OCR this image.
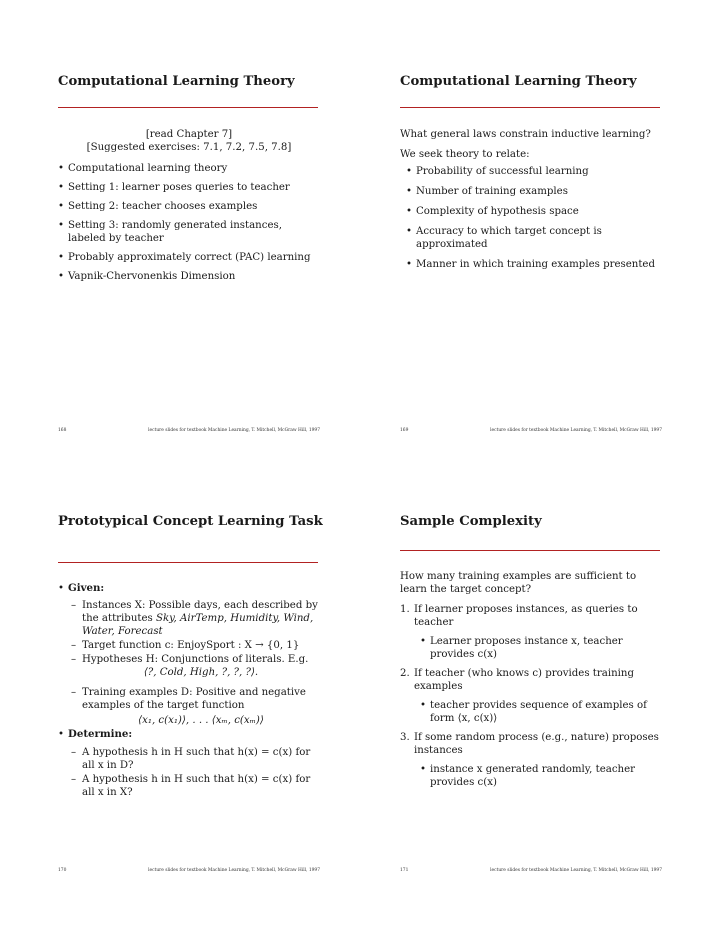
Computational Learning Theory
[read Chapter 7]
[Suggested exercises: 7.1, 7.2, 7.5, 7.8]
• Computational learning theory
• Setting 1: learner poses queries to teacher
• Setting 2: teacher chooses examples
• Setting 3: randomly generated instances, labeled by teacher
• Probably approximately correct (PAC) learning
• Vapnik-Chervonenkis Dimension
168	lecture slides for textbook Machine Learning, T. Mitchell, McGraw Hill, 1997
Computational Learning Theory
What general laws constrain inductive learning?
We seek theory to relate:
• Probability of successful learning
• Number of training examples
• Complexity of hypothesis space
• Accuracy to which target concept is approximated
• Manner in which training examples presented
169	lecture slides for textbook Machine Learning, T. Mitchell, McGraw Hill, 1997
Prototypical Concept Learning Task
• Given:
– Instances X: Possible days, each described by the attributes Sky, AirTemp, Humidity, Wind, Water, Forecast
– Target function c: EnjoySport : X → {0, 1}
– Hypotheses H: Conjunctions of literals. E.g.
⟨?, Cold, High, ?, ?, ?⟩.
– Training examples D: Positive and negative examples of the target function
⟨x₁, c(x₁)⟩, . . . ⟨xₘ, c(xₘ)⟩
• Determine:
– A hypothesis h in H such that h(x) = c(x) for all x in D?
– A hypothesis h in H such that h(x) = c(x) for all x in X?
170	lecture slides for textbook Machine Learning, T. Mitchell, McGraw Hill, 1997
Sample Complexity
How many training examples are sufficient to learn the target concept?
1. If learner proposes instances, as queries to teacher
• Learner proposes instance x, teacher provides c(x)
2. If teacher (who knows c) provides training examples
• teacher provides sequence of examples of form ⟨x, c(x)⟩
3. If some random process (e.g., nature) proposes instances
• instance x generated randomly, teacher provides c(x)
171	lecture slides for textbook Machine Learning, T. Mitchell, McGraw Hill, 1997
